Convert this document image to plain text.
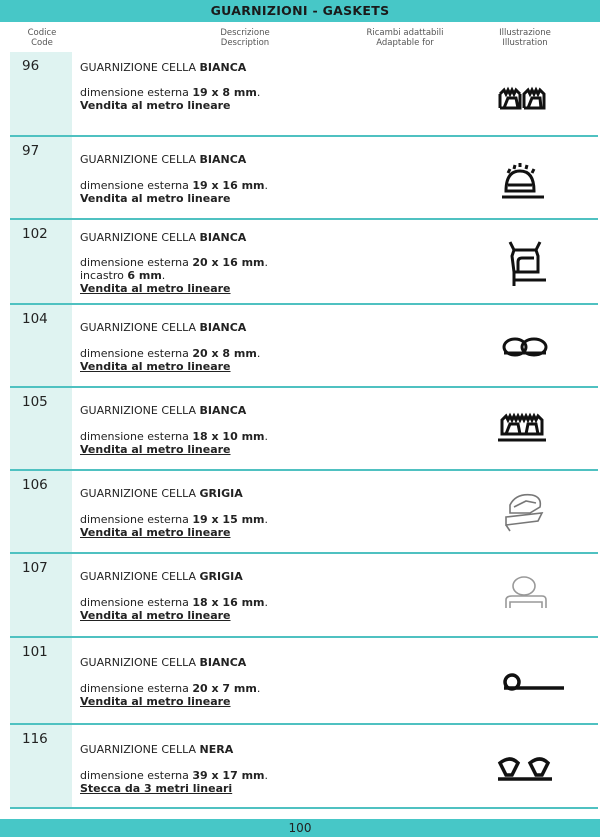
GUARNIZIONI - GASKETS
Codice
Code
Descrizione
Description
Ricambi adattabili
Adaptable for
Illustrazione
Illustration
96	GUARNIZIONE CELLA BIANCA
dimensione esterna 19 x 8 mm.
Vendita al metro lineare
97
GUARNIZIONE CELLA BIANCA
dimensione esterna 19 x 16 mm.
Vendita al metro lineare
102	GUARNIZIONE CELLA BIANCA
dimensione esterna 20 x 16 mm.
incastro 6 mm.
Vendita al metro lineare
104
GUARNIZIONE CELLA BIANCA
dimensione esterna 20 x 8 mm.
Vendita al metro lineare
105
GUARNIZIONE CELLA BIANCA
dimensione esterna 18 x 10 mm.
Vendita al metro lineare
106
GUARNIZIONE CELLA GRIGIA
dimensione esterna 19 x 15 mm.
Vendita al metro lineare
107
GUARNIZIONE CELLA GRIGIA
dimensione esterna 18 x 16 mm.
Vendita al metro lineare
101
GUARNIZIONE CELLA BIANCA
dimensione esterna 20 x 7 mm.
Vendita al metro lineare
116
GUARNIZIONE CELLA NERA
dimensione esterna 39 x 17 mm.
Stecca da 3 metri lineari
100
